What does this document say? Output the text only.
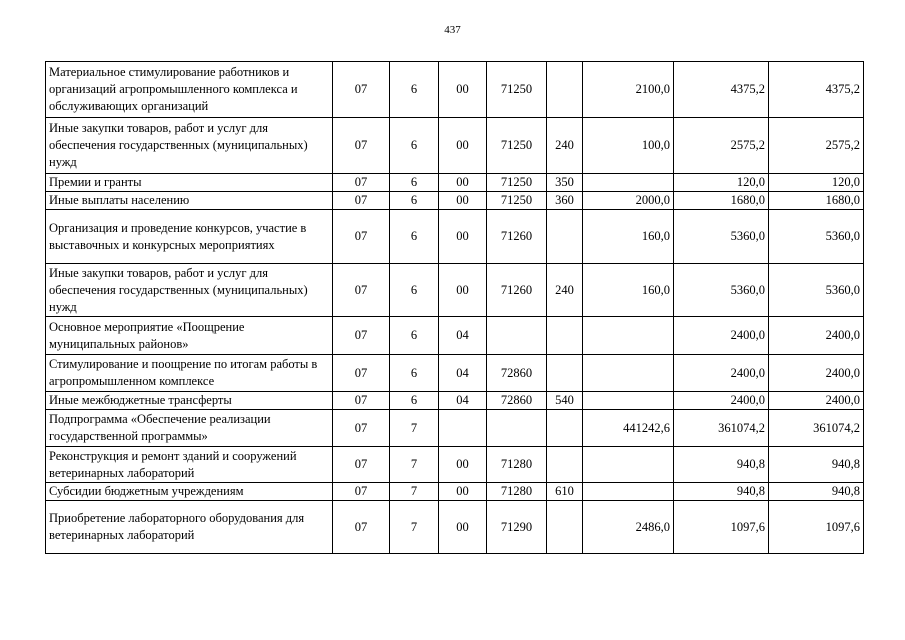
437
Материальное стимулирование работников и организаций агропромышленного комплекса и обслуживающих организаций	07	6	00	71250		2100,0	4375,2	4375,2
Иные закупки товаров, работ и услуг для обеспечения государственных (муниципальных) нужд	07	6	00	71250	240	100,0	2575,2	2575,2
Премии и гранты	07	6	00	71250	350		120,0	120,0
Иные выплаты населению	07	6	00	71250	360	2000,0	1680,0	1680,0
Организация и проведение конкурсов, участие в выставочных и конкурсных мероприятиях	07	6	00	71260		160,0	5360,0	5360,0
Иные закупки товаров, работ и услуг для обеспечения государственных (муниципальных) нужд	07	6	00	71260	240	160,0	5360,0	5360,0
Основное мероприятие «Поощрение муниципальных районов»	07	6	04				2400,0	2400,0
Стимулирование и поощрение по итогам работы в агропромышленном комплексе	07	6	04	72860			2400,0	2400,0
Иные межбюджетные трансферты	07	6	04	72860	540		2400,0	2400,0
Подпрограмма «Обеспечение реализации государственной программы»	07	7				441242,6	361074,2	361074,2
Реконструкция и ремонт зданий и сооружений ветеринарных лабораторий	07	7	00	71280			940,8	940,8
Субсидии бюджетным учреждениям	07	7	00	71280	610		940,8	940,8
Приобретение лабораторного оборудования для ветеринарных лабораторий	07	7	00	71290		2486,0	1097,6	1097,6
